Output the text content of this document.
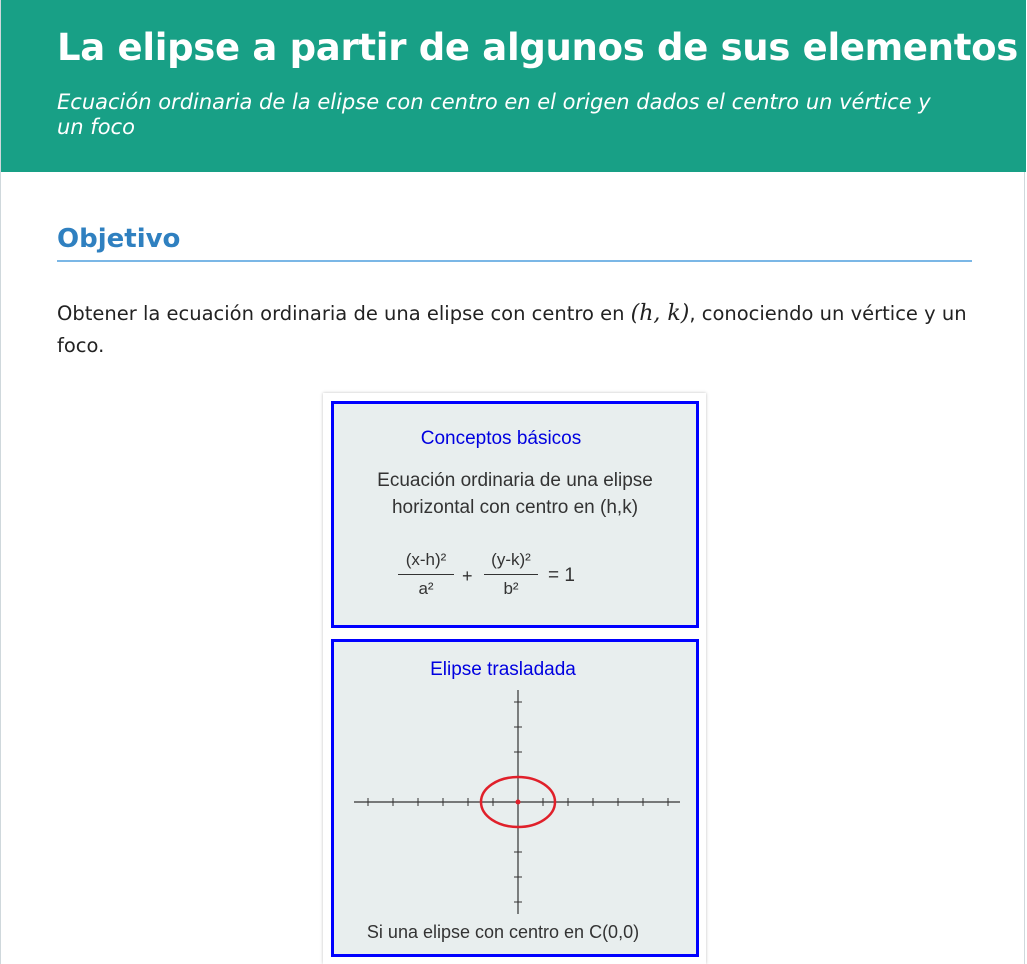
La elipse a partir de algunos de sus elementos

Ecuación ordinaria de la elipse con centro en el origen dados el centro un vértice y un foco

Objetivo

Obtener la ecuación ordinaria de una elipse con centro en (h, k), conociendo un vértice y un foco.

Conceptos básicos
Ecuación ordinaria de una elipse
horizontal con centro en (h,k)
(x-h)²
a²
+
(y-k)²
b²
= 1
Elipse trasladada
Si una elipse con centro en C(0,0)
